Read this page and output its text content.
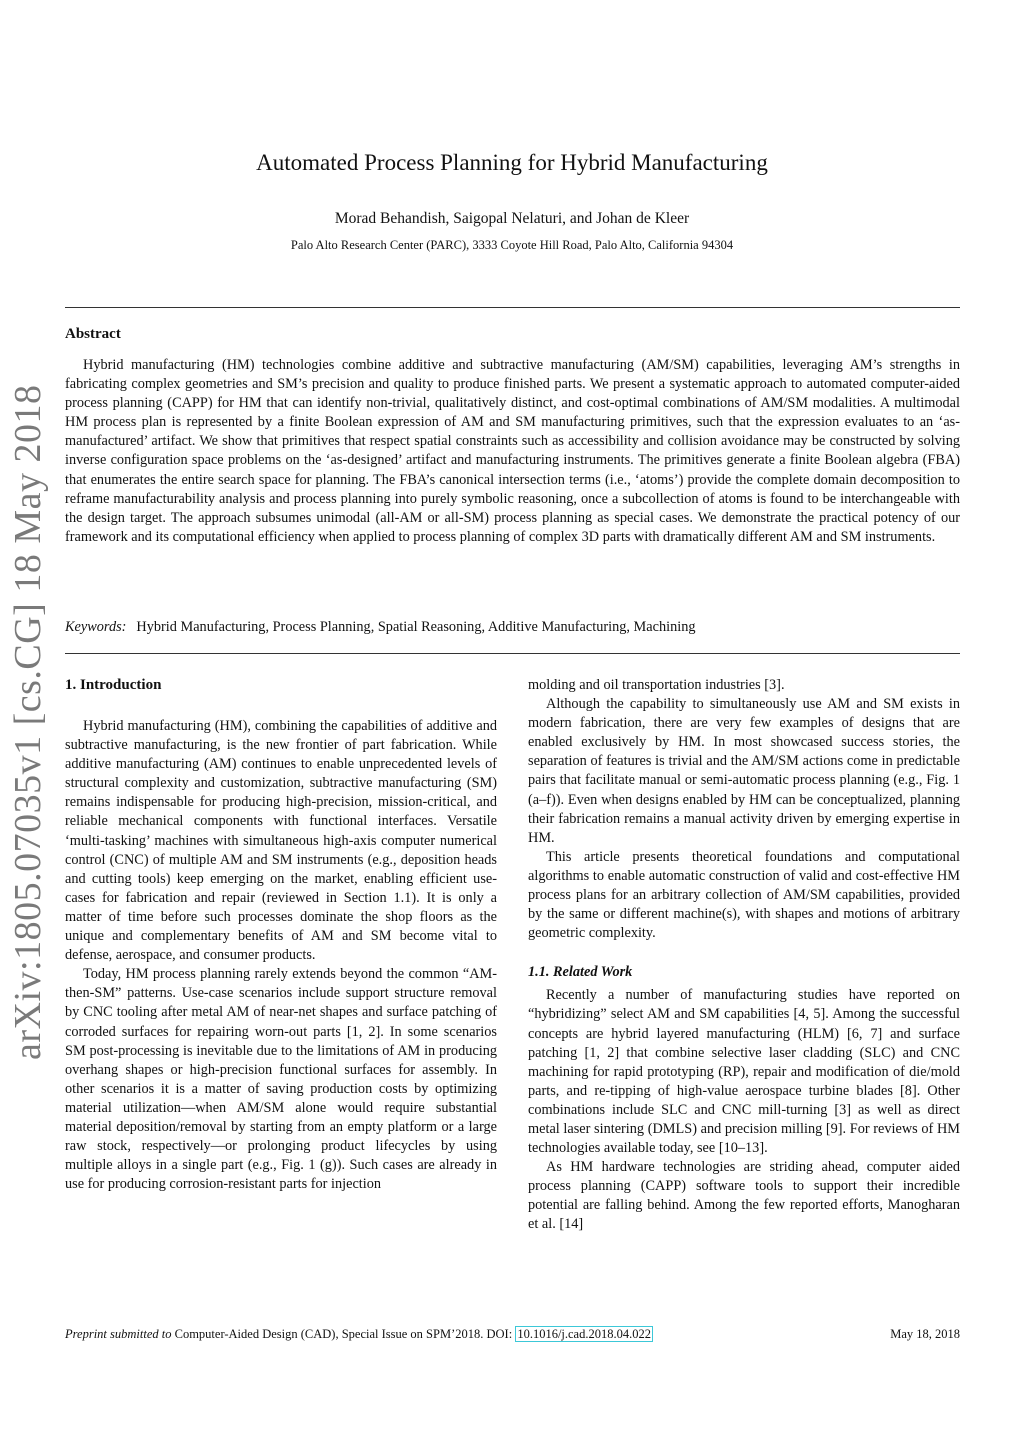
arXiv:1805.07035v1 [cs.CG] 18 May 2018
Automated Process Planning for Hybrid Manufacturing
Morad Behandish, Saigopal Nelaturi, and Johan de Kleer
Palo Alto Research Center (PARC), 3333 Coyote Hill Road, Palo Alto, California 94304
Abstract

Hybrid manufacturing (HM) technologies combine additive and subtractive manufacturing (AM/SM) capabilities, leveraging AM’s strengths in fabricating complex geometries and SM’s precision and quality to produce finished parts. We present a systematic approach to automated computer-aided process planning (CAPP) for HM that can identify non-trivial, qualitatively distinct, and cost-optimal combinations of AM/SM modalities. A multimodal HM process plan is represented by a finite Boolean expression of AM and SM manufacturing primitives, such that the expression evaluates to an ‘as-manufactured’ artifact. We show that primitives that respect spatial constraints such as accessibility and collision avoidance may be constructed by solving inverse configuration space problems on the ‘as-designed’ artifact and manufacturing instruments. The primitives generate a finite Boolean algebra (FBA) that enumerates the entire search space for planning. The FBA’s canonical intersection terms (i.e., ‘atoms’) provide the complete domain decomposition to reframe manufacturability analysis and process planning into purely symbolic reasoning, once a subcollection of atoms is found to be interchangeable with the design target. The approach subsumes unimodal (all-AM or all-SM) process planning as special cases. We demonstrate the practical potency of our framework and its computational efficiency when applied to process planning of complex 3D parts with dramatically different AM and SM instruments.

Keywords: Hybrid Manufacturing, Process Planning, Spatial Reasoning, Additive Manufacturing, Machining

1. Introduction

Hybrid manufacturing (HM), combining the capabilities of additive and subtractive manufacturing, is the new frontier of part fabrication. While additive manufacturing (AM) continues to enable unprecedented levels of structural complexity and customization, subtractive manufacturing (SM) remains indispensable for producing high-precision, mission-critical, and reliable mechanical components with functional interfaces. Versatile ‘multi-tasking’ machines with simultaneous high-axis computer numerical control (CNC) of multiple AM and SM instruments (e.g., deposition heads and cutting tools) keep emerging on the market, enabling efficient use-cases for fabrication and repair (reviewed in Section 1.1). It is only a matter of time before such processes dominate the shop floors as the unique and complementary benefits of AM and SM become vital to defense, aerospace, and consumer products.

Today, HM process planning rarely extends beyond the common “AM-then-SM” patterns. Use-case scenarios include support structure removal by CNC tooling after metal AM of near-net shapes and surface patching of corroded surfaces for repairing worn-out parts [1, 2]. In some scenarios SM post-processing is inevitable due to the limitations of AM in producing overhang shapes or high-precision functional surfaces for assembly. In other scenarios it is a matter of saving production costs by optimizing material utilization—when AM/SM alone would require substantial material deposition/removal by starting from an empty platform or a large raw stock, respectively—or prolonging product lifecycles by using multiple alloys in a single part (e.g., Fig. 1 (g)). Such cases are already in use for producing corrosion-resistant parts for injection

molding and oil transportation industries [3].

Although the capability to simultaneously use AM and SM exists in modern fabrication, there are very few examples of designs that are enabled exclusively by HM. In most showcased success stories, the separation of features is trivial and the AM/SM actions come in predictable pairs that facilitate manual or semi-automatic process planning (e.g., Fig. 1 (a–f)). Even when designs enabled by HM can be conceptualized, planning their fabrication remains a manual activity driven by emerging expertise in HM.

This article presents theoretical foundations and computational algorithms to enable automatic construction of valid and cost-effective HM process plans for an arbitrary collection of AM/SM capabilities, provided by the same or different machine(s), with shapes and motions of arbitrary geometric complexity.

1.1. Related Work

Recently a number of manufacturing studies have reported on “hybridizing” select AM and SM capabilities [4, 5]. Among the successful concepts are hybrid layered manufacturing (HLM) [6, 7] and surface patching [1, 2] that combine selective laser cladding (SLC) and CNC machining for rapid prototyping (RP), repair and modification of die/mold parts, and re-tipping of high-value aerospace turbine blades [8]. Other combinations include SLC and CNC mill-turning [3] as well as direct metal laser sintering (DMLS) and precision milling [9]. For reviews of HM technologies available today, see [10–13].

As HM hardware technologies are striding ahead, computer aided process planning (CAPP) software tools to support their incredible potential are falling behind. Among the few reported efforts, Manogharan et al. [14]

Preprint submitted to Computer-Aided Design (CAD), Special Issue on SPM’2018. DOI: 10.1016/j.cad.2018.04.022	May 18, 2018
